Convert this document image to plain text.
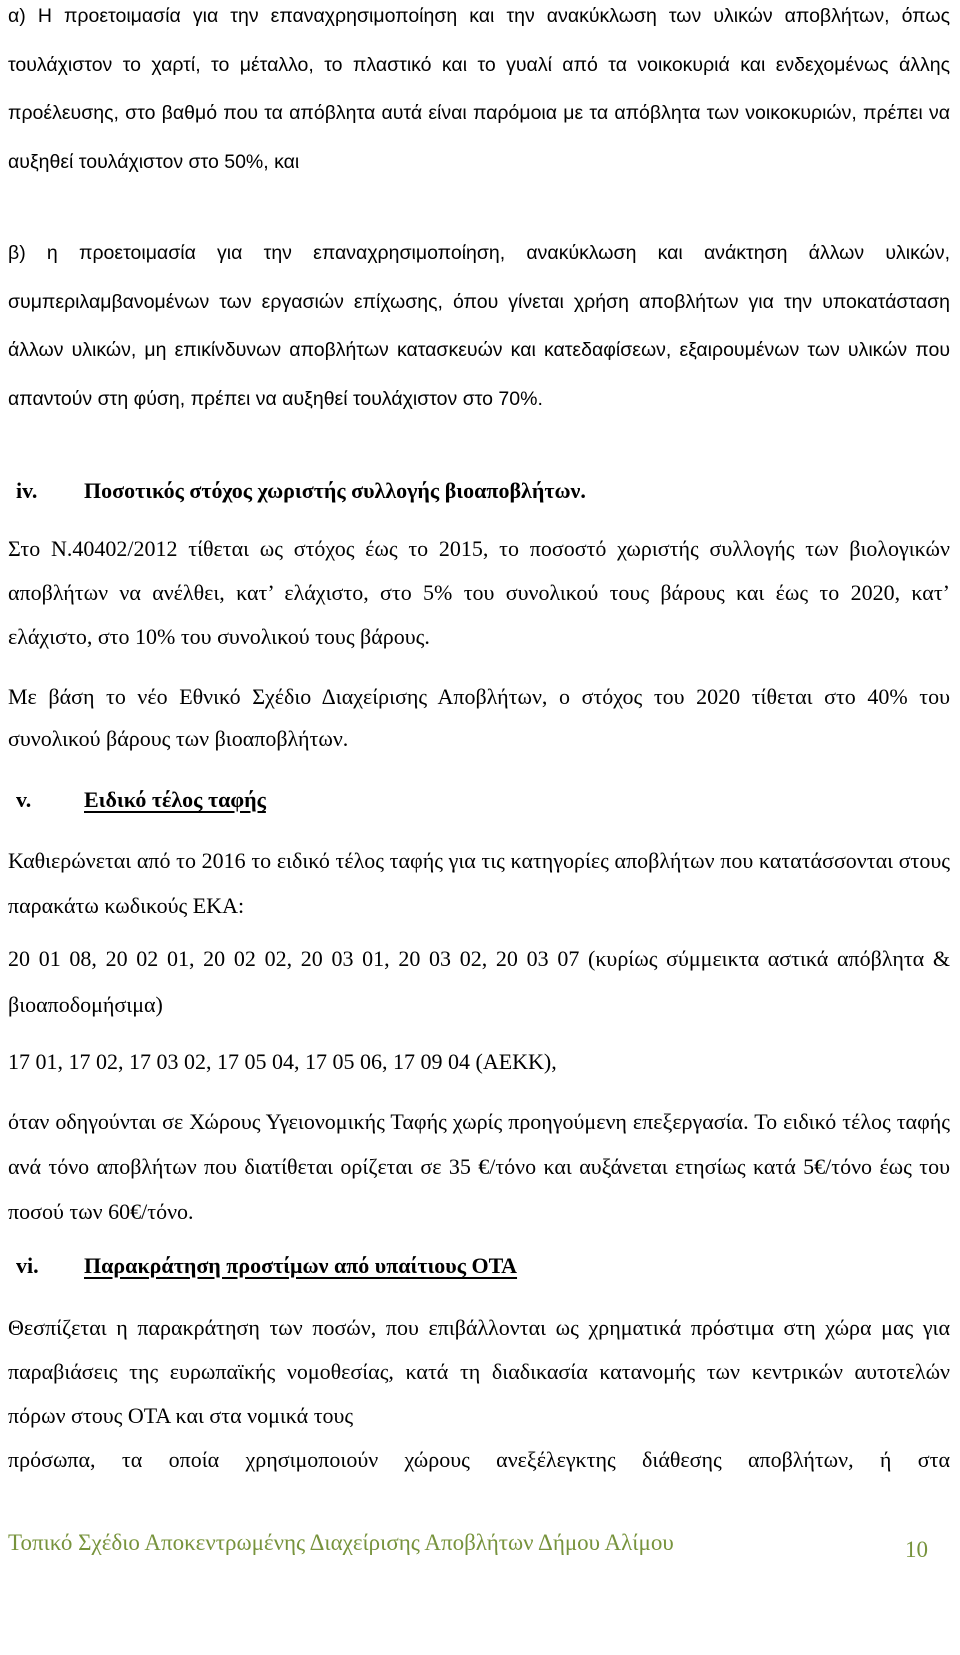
α) Η προετοιμασία για την επαναχρησιμοποίηση και την ανακύκλωση των υλικών αποβλήτων, όπως τουλάχιστον το χαρτί, το μέταλλο, το πλαστικό και το γυαλί από τα νοικοκυριά και ενδεχομένως άλλης προέλευσης, στο βαθμό που τα απόβλητα αυτά είναι παρόμοια με τα απόβλητα των νοικοκυριών, πρέπει να αυξηθεί τουλάχιστον στο 50%, και

β) η προετοιμασία για την επαναχρησιμοποίηση, ανακύκλωση και ανάκτηση άλλων υλικών, συμπεριλαμβανομένων των εργασιών επίχωσης, όπου γίνεται χρήση αποβλήτων για την υποκατάσταση άλλων υλικών, μη επικίνδυνων αποβλήτων κατασκευών και κατεδαφίσεων, εξαιρουμένων των υλικών που απαντούν στη φύση, πρέπει να αυξηθεί τουλάχιστον στο 70%.

iv. Ποσοτικός στόχος χωριστής συλλογής βιοαποβλήτων.

Στο Ν.40402/2012 τίθεται ως στόχος έως το 2015, το ποσοστό χωριστής συλλογής των βιολογικών αποβλήτων να ανέλθει, κατ’ ελάχιστο, στο 5% του συνολικού τους βάρους και έως το 2020, κατ’ ελάχιστο, στο 10% του συνολικού τους βάρους.

Με βάση το νέο Εθνικό Σχέδιο Διαχείρισης Αποβλήτων, ο στόχος του 2020 τίθεται στο 40% του συνολικού βάρους των βιοαποβλήτων.

v. Ειδικό τέλος ταφής

Καθιερώνεται από το 2016 το ειδικό τέλος ταφής για τις κατηγορίες αποβλήτων που κατατάσσονται στους παρακάτω κωδικούς ΕΚΑ:

20 01 08, 20 02 01, 20 02 02, 20 03 01, 20 03 02, 20 03 07 (κυρίως σύμμεικτα αστικά απόβλητα & βιοαποδομήσιμα)

17 01, 17 02, 17 03 02, 17 05 04, 17 05 06, 17 09 04 (ΑΕΚΚ),

όταν οδηγούνται σε Χώρους Υγειονομικής Ταφής χωρίς προηγούμενη επεξεργασία. Το ειδικό τέλος ταφής ανά τόνο αποβλήτων που διατίθεται ορίζεται σε 35 €/τόνο και αυξάνεται ετησίως κατά 5€/τόνο έως του ποσού των 60€/τόνο.

vi. Παρακράτηση προστίμων από υπαίτιους ΟΤΑ

Θεσπίζεται η παρακράτηση των ποσών, που επιβάλλονται ως χρηματικά πρόστιμα στη χώρα μας για παραβιάσεις της ευρωπαϊκής νομοθεσίας, κατά τη διαδικασία κατανομής των κεντρικών αυτοτελών πόρων στους ΟΤΑ και στα νομικά τους

πρόσωπα, τα οποία χρησιμοποιούν χώρους ανεξέλεγκτης διάθεσης αποβλήτων, ή στα

Τοπικό Σχέδιο Αποκεντρωμένης Διαχείρισης Αποβλήτων Δήμου Αλίμου	10
